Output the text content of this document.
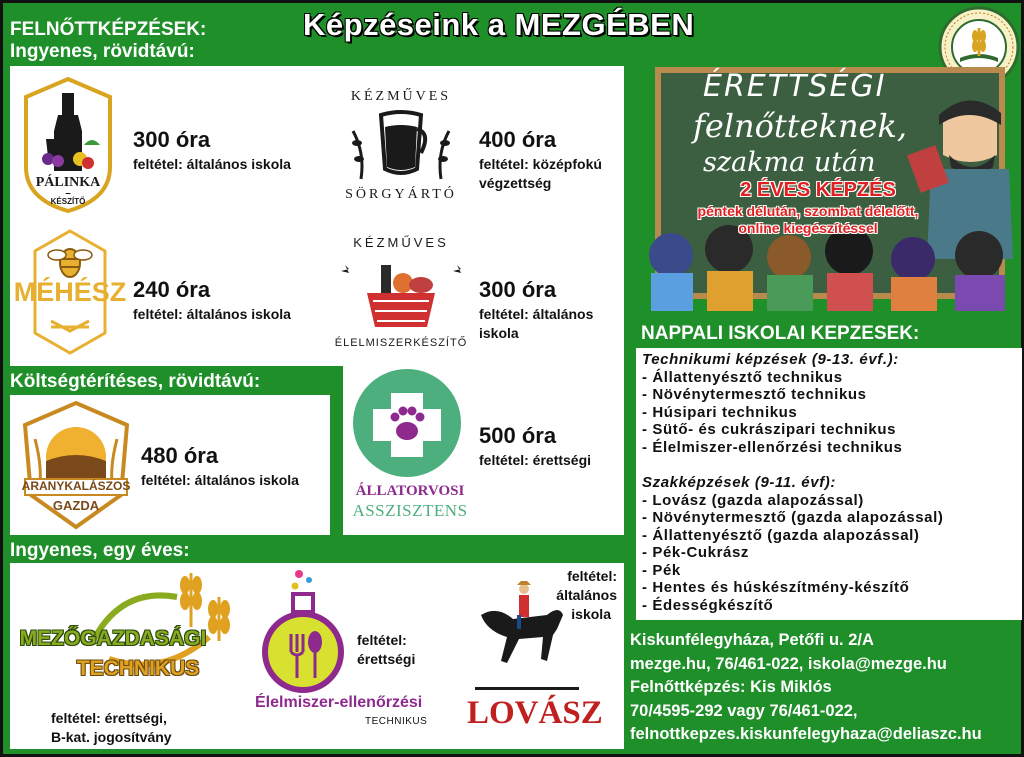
FELNŐTTKÉPZÉSEK:	Képzéseink a MEZGÉBEN
Ingyenes, rövidtávú:
PÁLINKA
–
KÉSZÍTŐ
300 óra
feltétel: általános iskola
KÉZMŰVES
SÖRGYÁRTÓ
400 óra
feltétel: középfokú
végzettség
MÉHÉSZ 240 óra
feltétel: általános iskola
KÉZMŰVES
ÉLELMISZERKÉSZÍTŐ
300 óra
feltétel: általános
iskola
Költségtérítéses, rövidtávú:
ARANYKALÁSZOS
GAZDA
480 óra
feltétel: általános iskola
ÁLLATORVOSI
ASSZISZTENS
500 óra
feltétel: érettségi
Ingyenes, egy éves:
MEZŐGAZDASÁGI
TECHNIKUS
feltétel: érettségi,
B-kat. jogosítvány
Élelmiszer-ellenőrzési
TECHNIKUS
feltétel:
érettségi
LOVÁSZ
feltétel:
általános
iskola
ÉRETTSÉGI
felnőtteknek,
szakma után
2 ÉVES KÉPZÉS
péntek délután, szombat délelőtt,
online kiegészítéssel
NAPPALI ISKOLAI KEPZESEK:
Technikumi képzések (9-13. évf.):
- Állattenyésztő technikus
- Növénytermesztő technikus
- Húsipari technikus
- Sütő- és cukrászipari technikus
- Élelmiszer-ellenőrzési technikus
Szakképzések (9-11. évf):
- Lovász (gazda alapozással)
- Növénytermesztő (gazda alapozással)
- Állattenyésztő (gazda alapozással)
- Pék-Cukrász
- Pék
- Hentes és húskészítmény-készítő
- Édességkészítő
Kiskunfélegyháza, Petőfi u. 2/A
mezge.hu, 76/461-022, iskola@mezge.hu
Felnőttképzés: Kis Miklós
70/4595-292 vagy 76/461-022,
felnottkepzes.kiskunfelegyhaza@deliaszc.hu
